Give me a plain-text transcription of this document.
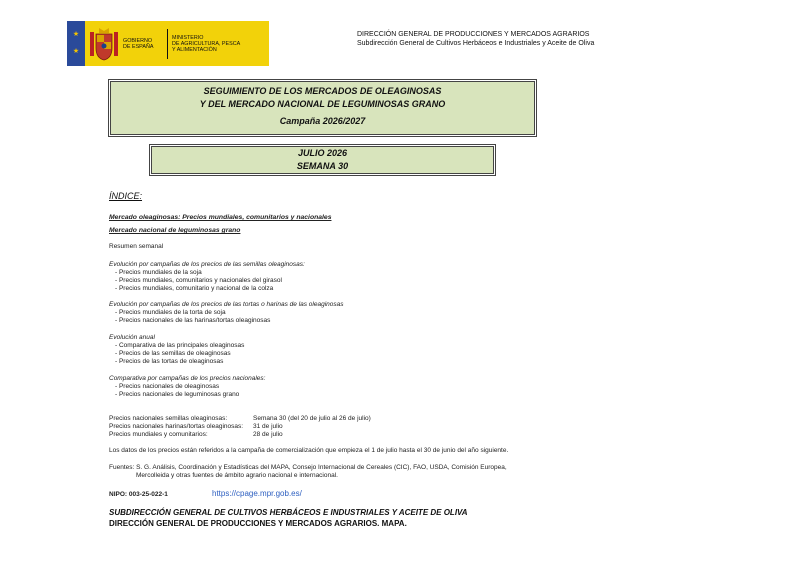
★
★
GOBIERNO
DE ESPAÑA
MINISTERIO
DE AGRICULTURA, PESCA
Y ALIMENTACIÓN
DIRECCIÓN GENERAL DE PRODUCCIONES Y MERCADOS AGRARIOS
Subdirección General de Cultivos Herbáceos e Industriales y Aceite de Oliva
SEGUIMIENTO DE LOS MERCADOS DE OLEAGINOSAS
Y DEL MERCADO NACIONAL DE LEGUMINOSAS GRANO
Campaña 2026/2027
JULIO 2026
SEMANA 30
ÍNDICE:
Mercado oleaginosas: Precios mundiales, comunitarios y nacionales
Mercado nacional de leguminosas grano
Resumen semanal
Evolución por campañas de los precios de las semillas oleaginosas:
- Precios mundiales de la soja
- Precios mundiales, comunitarios y nacionales del girasol
- Precios mundiales, comunitario y nacional de la colza
Evolución por campañas de los precios de las tortas o harinas de las oleaginosas
- Precios mundiales de la torta de soja
- Precios nacionales de las harinas/tortas oleaginosas
Evolución anual
- Comparativa de las principales oleaginosas
- Precios de las semillas de oleaginosas
- Precios de las tortas de oleaginosas
Comparativa por campañas de los precios nacionales:
- Precios nacionales de oleaginosas
- Precios nacionales de leguminosas grano
Precios nacionales semillas oleaginosas:
Precios nacionales harinas/tortas oleaginosas:
Precios mundiales y comunitarios:
Semana 30 (del 20 de julio al 26 de julio)
31 de julio
28 de julio
Los datos de los precios están referidos a la campaña de comercialización que empieza el 1 de julio hasta el 30 de junio del año siguiente.
Fuentes: S. G. Análisis, Coordinación y Estadísticas del MAPA, Consejo Internacional de Cereales (CIC), FAO, USDA, Comisión Europea,
Mercolleida y otras fuentes de ámbito agrario nacional e internacional.
NIPO: 003-25-022-1	https://cpage.mpr.gob.es/
SUBDIRECCIÓN GENERAL DE CULTIVOS HERBÁCEOS E INDUSTRIALES Y ACEITE DE OLIVA
DIRECCIÓN GENERAL DE PRODUCCIONES Y MERCADOS AGRARIOS. MAPA.
